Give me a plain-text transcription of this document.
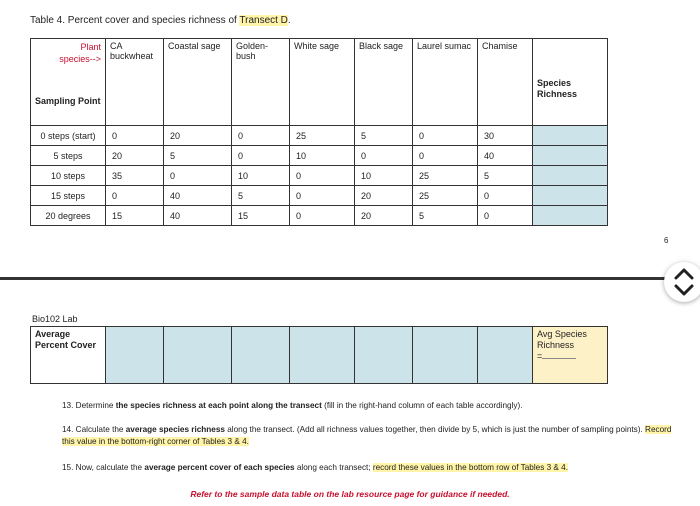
Table 4. Percent cover and species richness of Transect D.
Plant
species-->
Sampling Point	CA buckwheat	Coastal sage	Golden-bush	White sage	Black sage	Laurel sumac	Chamise	Species Richness
0 steps (start)	0	20	0	25	5	0	30	
5 steps	20	5	0	10	0	0	40	
10 steps	35	0	10	0	10	25	5	
15 steps	0	40	5	0	20	25	0	
20 degrees	15	40	15	0	20	5	0	
6
Bio102 Lab
Average Percent Cover								Avg Species Richness
=
13. Determine the species richness at each point along the transect (fill in the right-hand column of each table accordingly).
14. Calculate the average species richness along the transect. (Add all richness values together, then divide by 5, which is just the number of sampling points). Record this value in the bottom-right corner of Tables 3 & 4.
15. Now, calculate the average percent cover of each species along each transect; record these values in the bottom row of Tables 3 & 4.
Refer to the sample data table on the lab resource page for guidance if needed.
